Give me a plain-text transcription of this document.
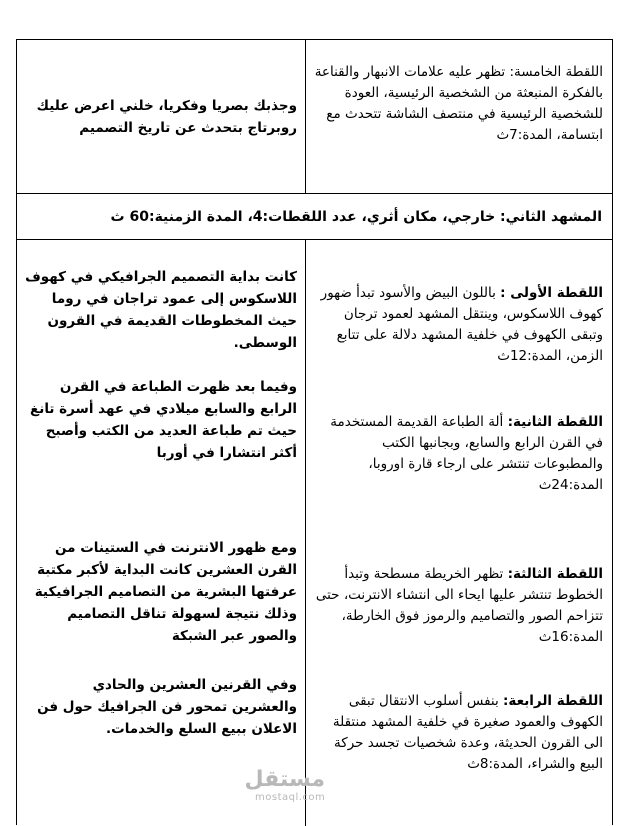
اللقطة الخامسة: تظهر عليه علامات الانبهار والقناعة بالفكرة المنبعثة من الشخصية الرئيسية، العودة للشخصية الرئيسية في منتصف الشاشة تتحدث مع ابتسامة، المدة:7ث
وجذبك بصريا وفكريا، خلني اعرض عليك روبرتاج بتحدث عن تاريخ التصميم
المشهد الثاني: خارجي، مكان أثري، عدد اللقطات:4، المدة الزمنية:60 ث
اللقطة الأولى : باللون البيض والأسود تبدأ ضهور كهوف اللاسكوس، وينتقل المشهد لعمود ترجان وتبقى الكهوف في خلفية المشهد دلالة على تتابع الزمن، المدة:12ث
كانت بداية التصميم الجرافيكي في كهوف اللاسكوس إلى عمود تراجان في روما حيث المخطوطات القديمة في القرون الوسطى.
اللقطة الثانية: ألة الطباعة القديمة المستخدمة في القرن الرابع والسابع، وبجانبها الكتب والمطبوعات تنتشر على ارجاء قارة اوروبا، المدة:24ث
وفيما بعد ظهرت الطباعة في القرن الرابع والسابع ميلادي في عهد أسرة تانغ حيث تم طباعة العديد من الكتب وأصبح أكثر انتشارا في أوربا
اللقطة الثالثة: تظهر الخريطة مسطحة وتبدأ الخطوط تنتشر عليها ايحاء الى انتشاء الانترنت، حتى تتزاحم الصور والتصاميم والرموز فوق الخارطة، المدة:16ث
ومع ظهور الانترنت في الستينات من القرن العشرين كانت البداية لأكبر مكتبة عرفتها البشرية من التصاميم الجرافيكية وذلك نتيجة لسهولة تناقل التصاميم والصور عبر الشبكة
اللقطة الرابعة: بنفس أسلوب الانتقال تبقى الكهوف والعمود صغيرة في خلفية المشهد منتقلة الى القرون الحديثة، وعدة شخصيات تجسد حركة البيع والشراء، المدة:8ث
وفي القرنين العشرين والحادي والعشرين تمحور فن الجرافيك حول فن الاعلان ببيع السلع والخدمات.
مستقل
mostaql.com
